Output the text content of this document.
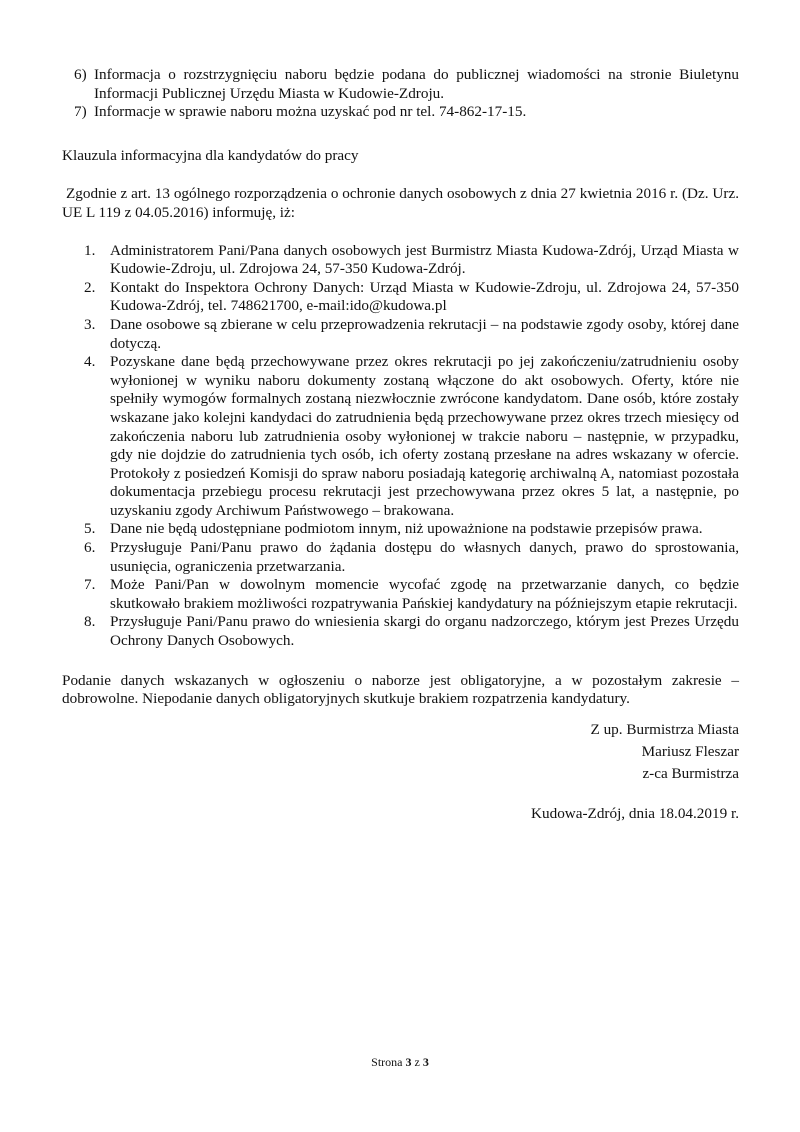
6) Informacja o rozstrzygnięciu naboru będzie podana do publicznej wiadomości na stronie Biuletynu Informacji Publicznej Urzędu Miasta w Kudowie-Zdroju.
7) Informacje w sprawie naboru można uzyskać pod nr tel. 74-862-17-15.
Klauzula informacyjna dla kandydatów do pracy
Zgodnie z art. 13 ogólnego rozporządzenia o ochronie danych osobowych z dnia 27 kwietnia 2016 r. (Dz. Urz. UE L 119 z 04.05.2016) informuję, iż:
1. Administratorem Pani/Pana danych osobowych jest Burmistrz Miasta Kudowa-Zdrój, Urząd Miasta w Kudowie-Zdroju, ul. Zdrojowa 24, 57-350 Kudowa-Zdrój.
2. Kontakt do Inspektora Ochrony Danych: Urząd Miasta w Kudowie-Zdroju, ul. Zdrojowa 24, 57-350 Kudowa-Zdrój, tel. 748621700, e-mail:ido@kudowa.pl
3. Dane osobowe są zbierane w celu przeprowadzenia rekrutacji – na podstawie zgody osoby, której dane dotyczą.
4. Pozyskane dane będą przechowywane przez okres rekrutacji po jej zakończeniu/zatrudnieniu osoby wyłonionej w wyniku naboru dokumenty zostaną włączone do akt osobowych. Oferty, które nie spełniły wymogów formalnych zostaną niezwłocznie zwrócone kandydatom. Dane osób, które zostały wskazane jako kolejni kandydaci do zatrudnienia będą przechowywane przez okres trzech miesięcy od zakończenia naboru lub zatrudnienia osoby wyłonionej w trakcie naboru – następnie, w przypadku, gdy nie dojdzie do zatrudnienia tych osób, ich oferty zostaną przesłane na adres wskazany w ofercie. Protokoły z posiedzeń Komisji do spraw naboru posiadają kategorię archiwalną A, natomiast pozostała dokumentacja przebiegu procesu rekrutacji jest przechowywana przez okres 5 lat, a następnie, po uzyskaniu zgody Archiwum Państwowego – brakowana.
5. Dane nie będą udostępniane podmiotom innym, niż upoważnione na podstawie przepisów prawa.
6. Przysługuje Pani/Panu prawo do żądania dostępu do własnych danych, prawo do sprostowania, usunięcia, ograniczenia przetwarzania.
7. Może Pani/Pan w dowolnym momencie wycofać zgodę na przetwarzanie danych, co będzie skutkowało brakiem możliwości rozpatrywania Pańskiej kandydatury na późniejszym etapie rekrutacji.
8. Przysługuje Pani/Panu prawo do wniesienia skargi do organu nadzorczego, którym jest Prezes Urzędu Ochrony Danych Osobowych.
Podanie danych wskazanych w ogłoszeniu o naborze jest obligatoryjne, a w pozostałym zakresie – dobrowolne. Niepodanie danych obligatoryjnych skutkuje brakiem rozpatrzenia kandydatury.
Z up. Burmistrza Miasta
Mariusz Fleszar
z-ca Burmistrza
Kudowa-Zdrój, dnia 18.04.2019 r.
Strona 3 z 3
